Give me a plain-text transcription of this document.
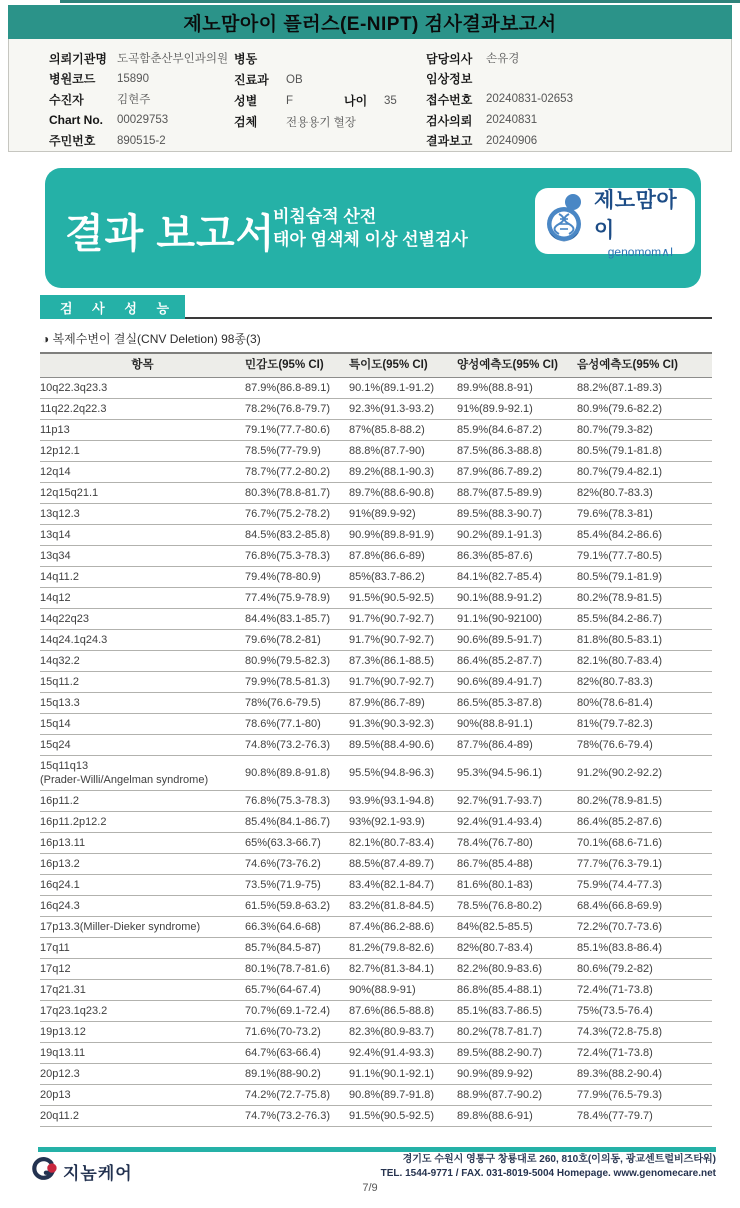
제노맘아이 플러스(E-NIPT) 검사결과보고서
의뢰기관명 도곡함춘산부인과의원
병원코드	15890
수진자	김현주
Chart No.	00029753
주민번호	890515-2
병동
진료과	OB
성별	F	나이	35
검체	전용용기 혈장
담당의사	손유경
임상정보
접수번호	20240831-02653
검사의뢰	20240831
결과보고	20240906
결과 보고서
비침습적 산전
태아 염색체 이상 선별검사
제노맘아이
genomom∧I
검 사 성 능
◑ 복제수변이 결실(CNV Deletion) 98종(3)
항목	민감도(95% CI)	특이도(95% CI)	양성예측도(95% CI)	음성예측도(95% CI)
10q22.3q23.3	87.9%(86.8-89.1)	90.1%(89.1-91.2)	89.9%(88.8-91)	88.2%(87.1-89.3)
11q22.2q22.3	78.2%(76.8-79.7)	92.3%(91.3-93.2)	91%(89.9-92.1)	80.9%(79.6-82.2)
11p13	79.1%(77.7-80.6)	87%(85.8-88.2)	85.9%(84.6-87.2)	80.7%(79.3-82)
12p12.1	78.5%(77-79.9)	88.8%(87.7-90)	87.5%(86.3-88.8)	80.5%(79.1-81.8)
12q14	78.7%(77.2-80.2)	89.2%(88.1-90.3)	87.9%(86.7-89.2)	80.7%(79.4-82.1)
12q15q21.1	80.3%(78.8-81.7)	89.7%(88.6-90.8)	88.7%(87.5-89.9)	82%(80.7-83.3)
13q12.3	76.7%(75.2-78.2)	91%(89.9-92)	89.5%(88.3-90.7)	79.6%(78.3-81)
13q14	84.5%(83.2-85.8)	90.9%(89.8-91.9)	90.2%(89.1-91.3)	85.4%(84.2-86.6)
13q34	76.8%(75.3-78.3)	87.8%(86.6-89)	86.3%(85-87.6)	79.1%(77.7-80.5)
14q11.2	79.4%(78-80.9)	85%(83.7-86.2)	84.1%(82.7-85.4)	80.5%(79.1-81.9)
14q12	77.4%(75.9-78.9)	91.5%(90.5-92.5)	90.1%(88.9-91.2)	80.2%(78.9-81.5)
14q22q23	84.4%(83.1-85.7)	91.7%(90.7-92.7)	91.1%(90-92100)	85.5%(84.2-86.7)
14q24.1q24.3	79.6%(78.2-81)	91.7%(90.7-92.7)	90.6%(89.5-91.7)	81.8%(80.5-83.1)
14q32.2	80.9%(79.5-82.3)	87.3%(86.1-88.5)	86.4%(85.2-87.7)	82.1%(80.7-83.4)
15q11.2	79.9%(78.5-81.3)	91.7%(90.7-92.7)	90.6%(89.4-91.7)	82%(80.7-83.3)
15q13.3	78%(76.6-79.5)	87.9%(86.7-89)	86.5%(85.3-87.8)	80%(78.6-81.4)
15q14	78.6%(77.1-80)	91.3%(90.3-92.3)	90%(88.8-91.1)	81%(79.7-82.3)
15q24	74.8%(73.2-76.3)	89.5%(88.4-90.6)	87.7%(86.4-89)	78%(76.6-79.4)
15q11q13
(Prader-Willi/Angelman syndrome)	90.8%(89.8-91.8)	95.5%(94.8-96.3)	95.3%(94.5-96.1)	91.2%(90.2-92.2)
16p11.2	76.8%(75.3-78.3)	93.9%(93.1-94.8)	92.7%(91.7-93.7)	80.2%(78.9-81.5)
16p11.2p12.2	85.4%(84.1-86.7)	93%(92.1-93.9)	92.4%(91.4-93.4)	86.4%(85.2-87.6)
16p13.11	65%(63.3-66.7)	82.1%(80.7-83.4)	78.4%(76.7-80)	70.1%(68.6-71.6)
16p13.2	74.6%(73-76.2)	88.5%(87.4-89.7)	86.7%(85.4-88)	77.7%(76.3-79.1)
16q24.1	73.5%(71.9-75)	83.4%(82.1-84.7)	81.6%(80.1-83)	75.9%(74.4-77.3)
16q24.3	61.5%(59.8-63.2)	83.2%(81.8-84.5)	78.5%(76.8-80.2)	68.4%(66.8-69.9)
17p13.3(Miller-Dieker syndrome)	66.3%(64.6-68)	87.4%(86.2-88.6)	84%(82.5-85.5)	72.2%(70.7-73.6)
17q11	85.7%(84.5-87)	81.2%(79.8-82.6)	82%(80.7-83.4)	85.1%(83.8-86.4)
17q12	80.1%(78.7-81.6)	82.7%(81.3-84.1)	82.2%(80.9-83.6)	80.6%(79.2-82)
17q21.31	65.7%(64-67.4)	90%(88.9-91)	86.8%(85.4-88.1)	72.4%(71-73.8)
17q23.1q23.2	70.7%(69.1-72.4)	87.6%(86.5-88.8)	85.1%(83.7-86.5)	75%(73.5-76.4)
19p13.12	71.6%(70-73.2)	82.3%(80.9-83.7)	80.2%(78.7-81.7)	74.3%(72.8-75.8)
19q13.11	64.7%(63-66.4)	92.4%(91.4-93.3)	89.5%(88.2-90.7)	72.4%(71-73.8)
20p12.3	89.1%(88-90.2)	91.1%(90.1-92.1)	90.9%(89.9-92)	89.3%(88.2-90.4)
20p13	74.2%(72.7-75.8)	90.8%(89.7-91.8)	88.9%(87.7-90.2)	77.9%(76.5-79.3)
20q11.2	74.7%(73.2-76.3)	91.5%(90.5-92.5)	89.8%(88.6-91)	78.4%(77-79.7)
지놈케어
경기도 수원시 영통구 창룡대로 260, 810호(이의동, 광교센트럴비즈타워)
TEL. 1544-9771 / FAX. 031-8019-5004 Homepage. www.genomecare.net
7/9
